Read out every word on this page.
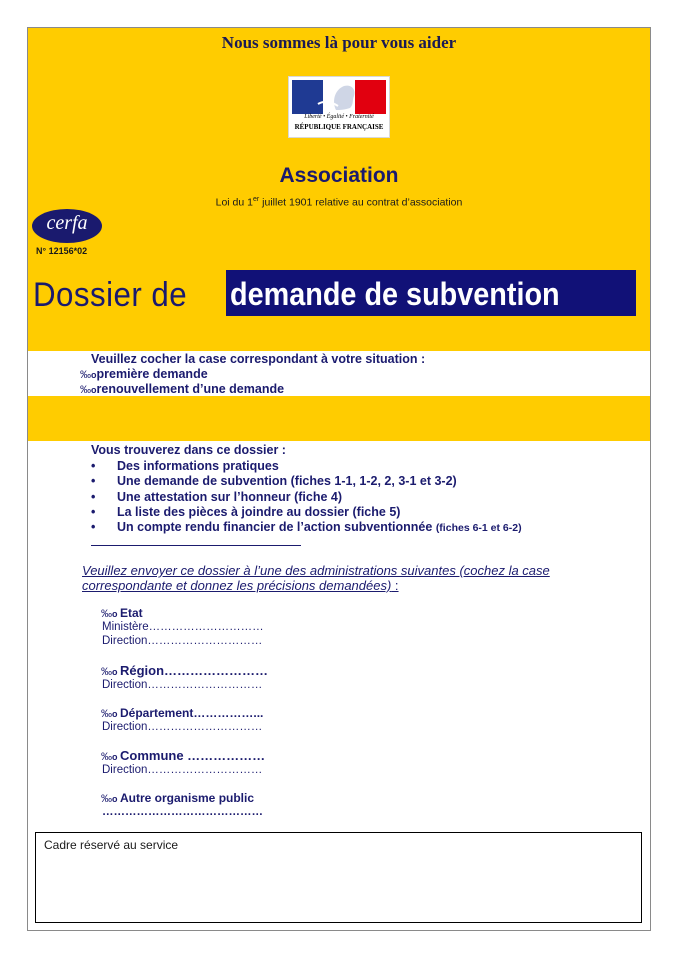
Nous sommes là pour vous aider
Liberté • Égalité • Fraternité
RÉPUBLIQUE FRANÇAISE
Association
Loi du 1er juillet 1901 relative au contrat d’association
cerfa
N° 12156*02
Dossier de demande de subvention
Veuillez cocher la case correspondant à votre situation :
‰opremière demande
‰orenouvellement d’une demande
Vous trouverez dans ce dossier :
• Des informations pratiques
• Une demande de subvention (fiches 1-1, 1-2, 2, 3-1 et 3-2)
• Une attestation sur l’honneur (fiche 4)
• La liste des pièces à joindre au dossier (fiche 5)
• Un compte rendu financier de l’action subventionnée (fiches 6-1 et 6-2)
Veuillez envoyer ce dossier à l’une des administrations suivantes (cochez la case correspondante et donnez les précisions demandées) :
‰o Etat
Ministère…………………………
Direction…………………………
‰o Région……………………
Direction…………………………
‰o Département……………...
Direction…………………………
‰o Commune ………………
Direction…………………………
‰o Autre organisme public
……………………………………
Cadre réservé au service
